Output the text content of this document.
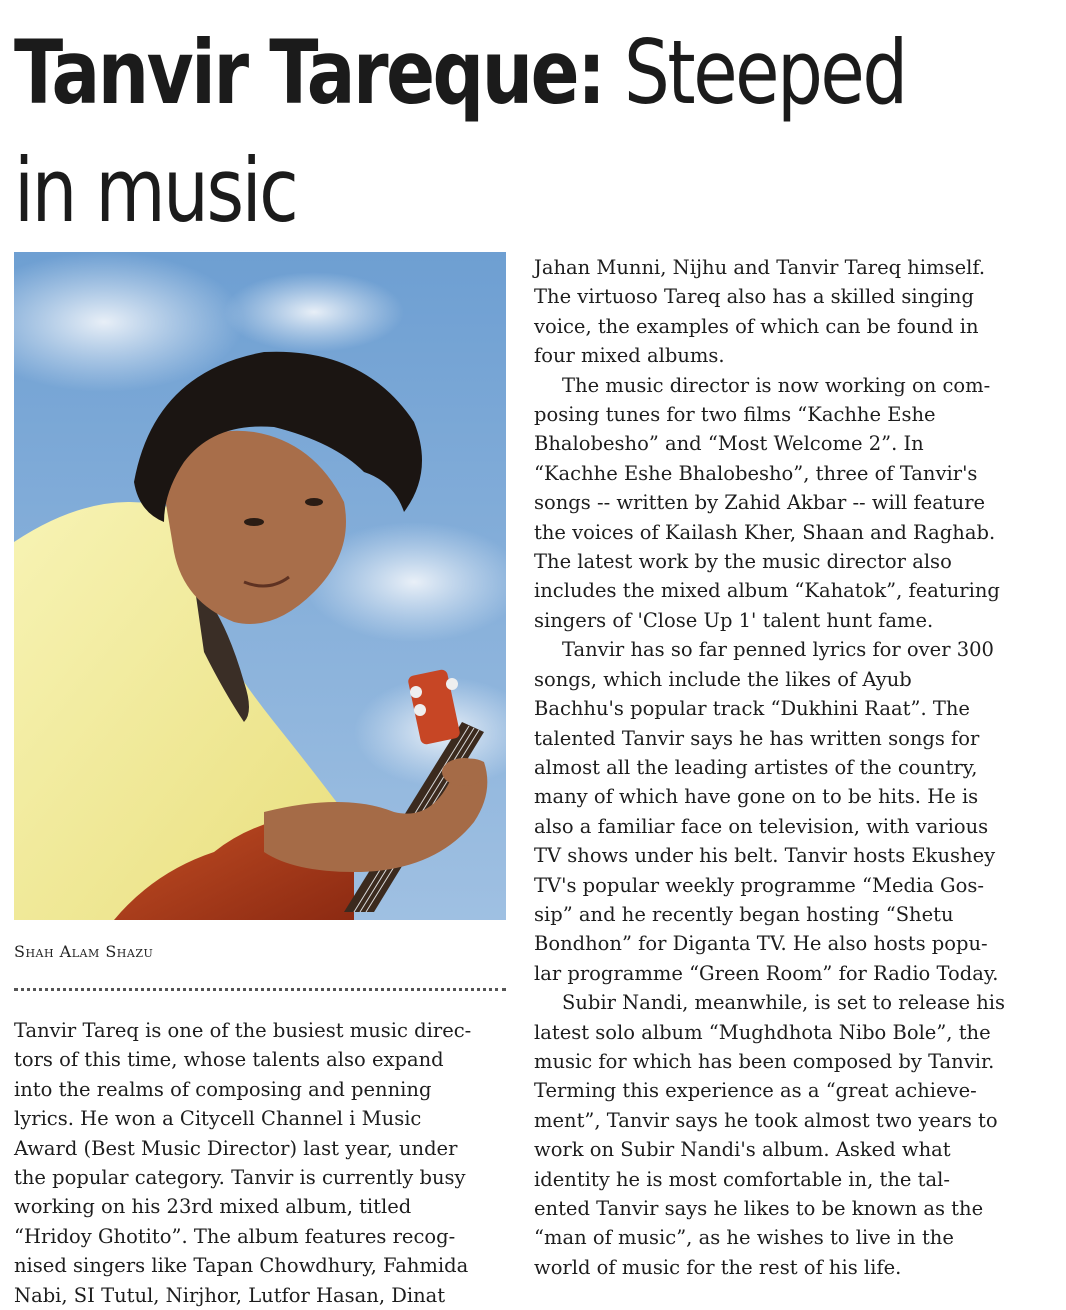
Tanvir Tareque: Steeped
in music
Shah Alam Shazu
Tanvir Tareq is one of the busiest music direc-
tors of this time, whose talents also expand
into the realms of composing and penning
lyrics. He won a Citycell Channel i Music
Award (Best Music Director) last year, under
the popular category. Tanvir is currently busy
working on his 23rd mixed album, titled
“Hridoy Ghotito”. The album features recog-
nised singers like Tapan Chowdhury, Fahmida
Nabi, SI Tutul, Nirjhor, Lutfor Hasan, Dinat
Jahan Munni, Nijhu and Tanvir Tareq himself.
The virtuoso Tareq also has a skilled singing
voice, the examples of which can be found in
four mixed albums.
The music director is now working on com-
posing tunes for two films “Kachhe Eshe
Bhalobesho” and “Most Welcome 2”. In
“Kachhe Eshe Bhalobesho”, three of Tanvir's
songs -- written by Zahid Akbar -- will feature
the voices of Kailash Kher, Shaan and Raghab.
The latest work by the music director also
includes the mixed album “Kahatok”, featuring
singers of 'Close Up 1' talent hunt fame.
Tanvir has so far penned lyrics for over 300
songs, which include the likes of Ayub
Bachhu's popular track “Dukhini Raat”. The
talented Tanvir says he has written songs for
almost all the leading artistes of the country,
many of which have gone on to be hits. He is
also a familiar face on television, with various
TV shows under his belt. Tanvir hosts Ekushey
TV's popular weekly programme “Media Gos-
sip” and he recently began hosting “Shetu
Bondhon” for Diganta TV. He also hosts popu-
lar programme “Green Room” for Radio Today.
Subir Nandi, meanwhile, is set to release his
latest solo album “Mughdhota Nibo Bole”, the
music for which has been composed by Tanvir.
Terming this experience as a “great achieve-
ment”, Tanvir says he took almost two years to
work on Subir Nandi's album. Asked what
identity he is most comfortable in, the tal-
ented Tanvir says he likes to be known as the
“man of music”, as he wishes to live in the
world of music for the rest of his life.
